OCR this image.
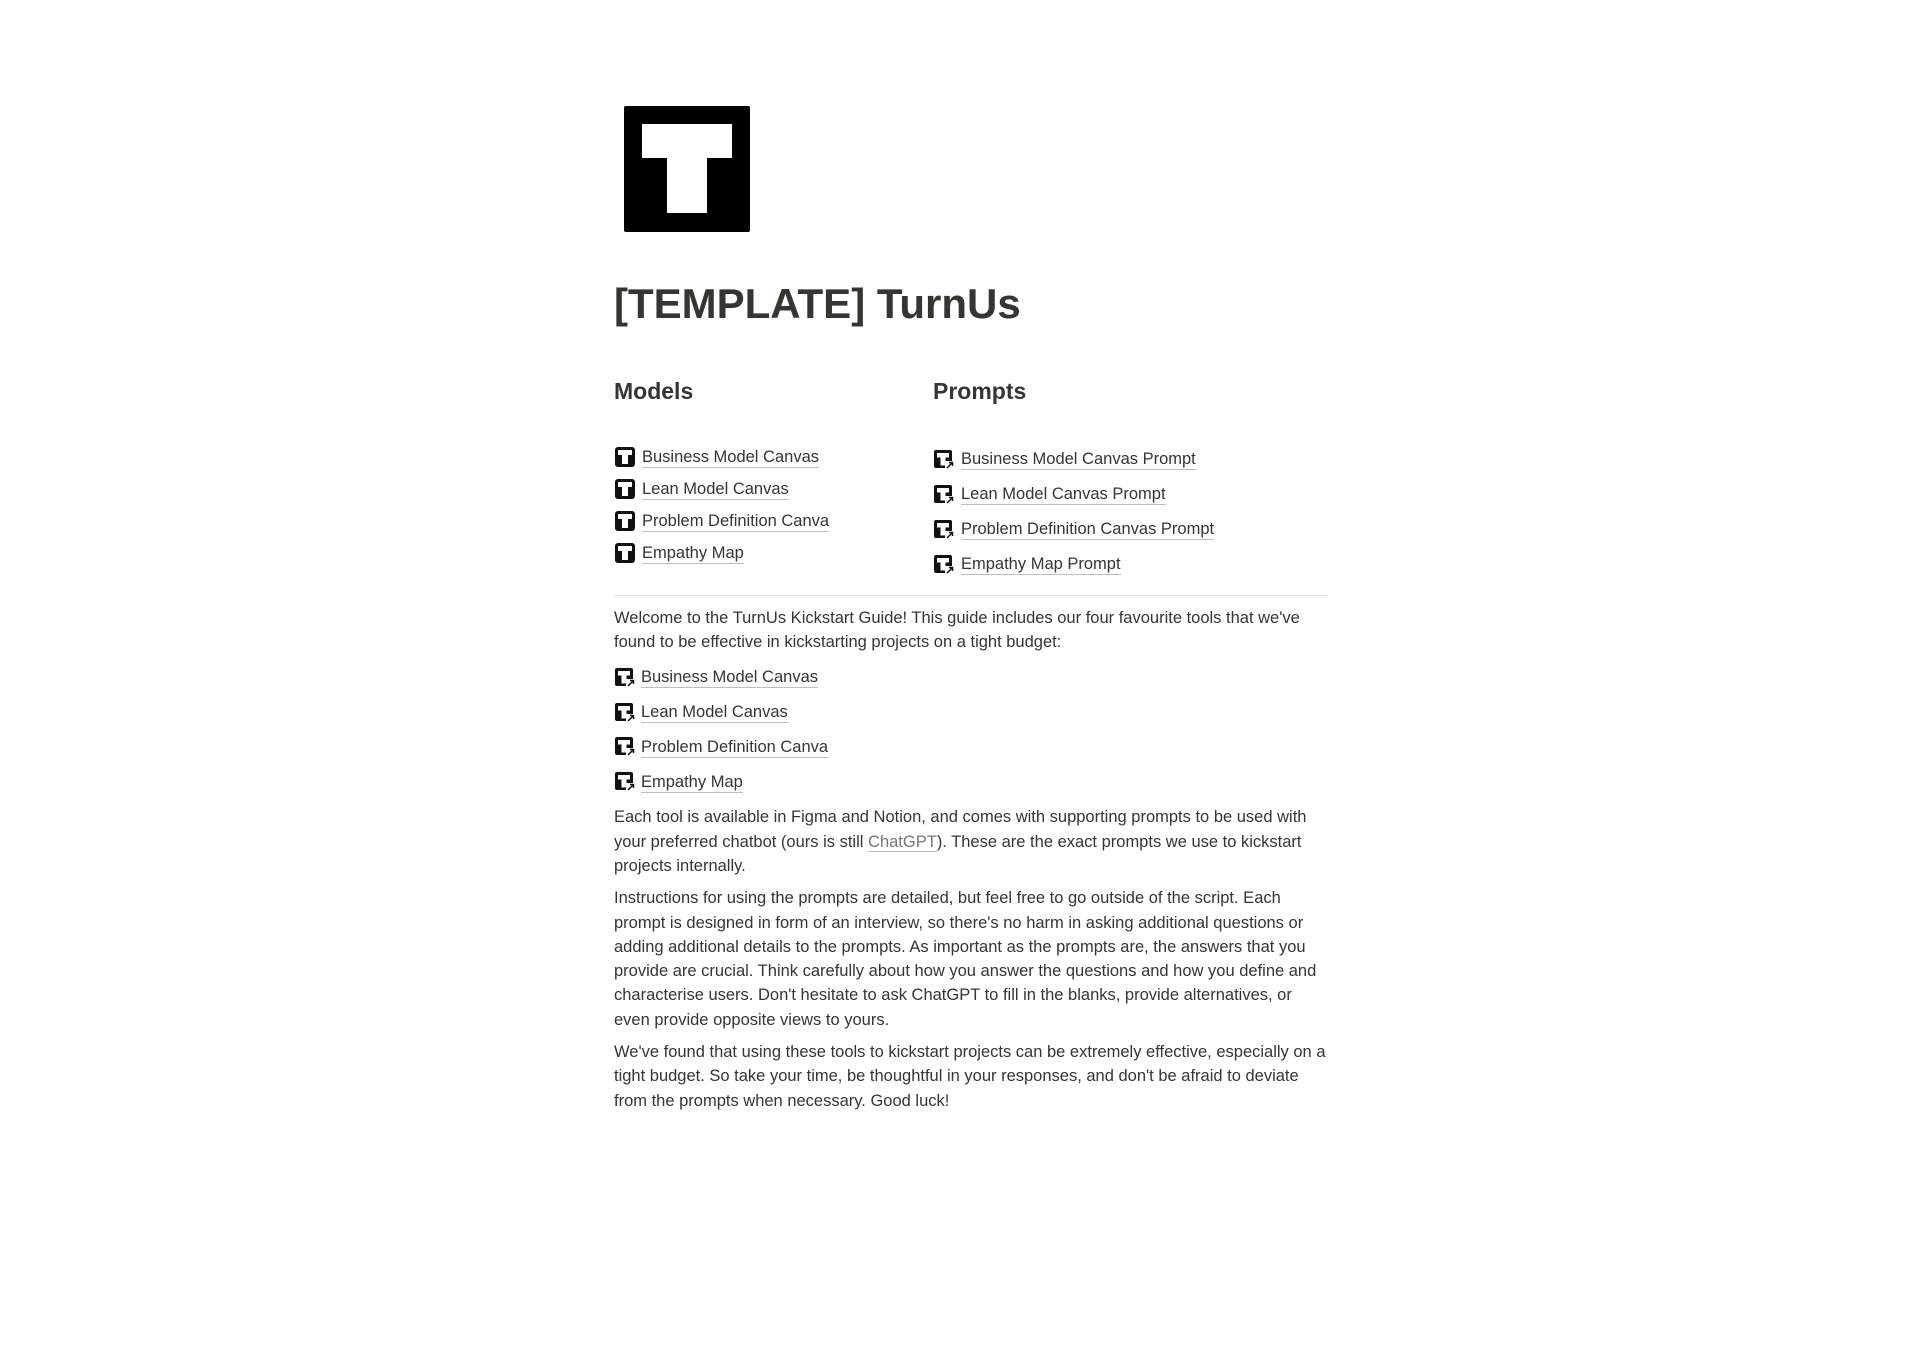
[TEMPLATE] TurnUs
Models
Business Model Canvas
Lean Model Canvas
Problem Definition Canva
Empathy Map
Prompts
Business Model Canvas Prompt
Lean Model Canvas Prompt
Problem Definition Canvas Prompt
Empathy Map Prompt

Welcome to the TurnUs Kickstart Guide! This guide includes our four favourite tools that we've found to be effective in kickstarting projects on a tight budget:

Business Model Canvas
Lean Model Canvas
Problem Definition Canva
Empathy Map

Each tool is available in Figma and Notion, and comes with supporting prompts to be used with your preferred chatbot (ours is still ChatGPT). These are the exact prompts we use to kickstart projects internally.

Instructions for using the prompts are detailed, but feel free to go outside of the script. Each prompt is designed in form of an interview, so there's no harm in asking additional questions or adding additional details to the prompts. As important as the prompts are, the answers that you provide are crucial. Think carefully about how you answer the questions and how you define and characterise users. Don't hesitate to ask ChatGPT to fill in the blanks, provide alternatives, or even provide opposite views to yours.

We've found that using these tools to kickstart projects can be extremely effective, especially on a tight budget. So take your time, be thoughtful in your responses, and don't be afraid to deviate from the prompts when necessary. Good luck!
